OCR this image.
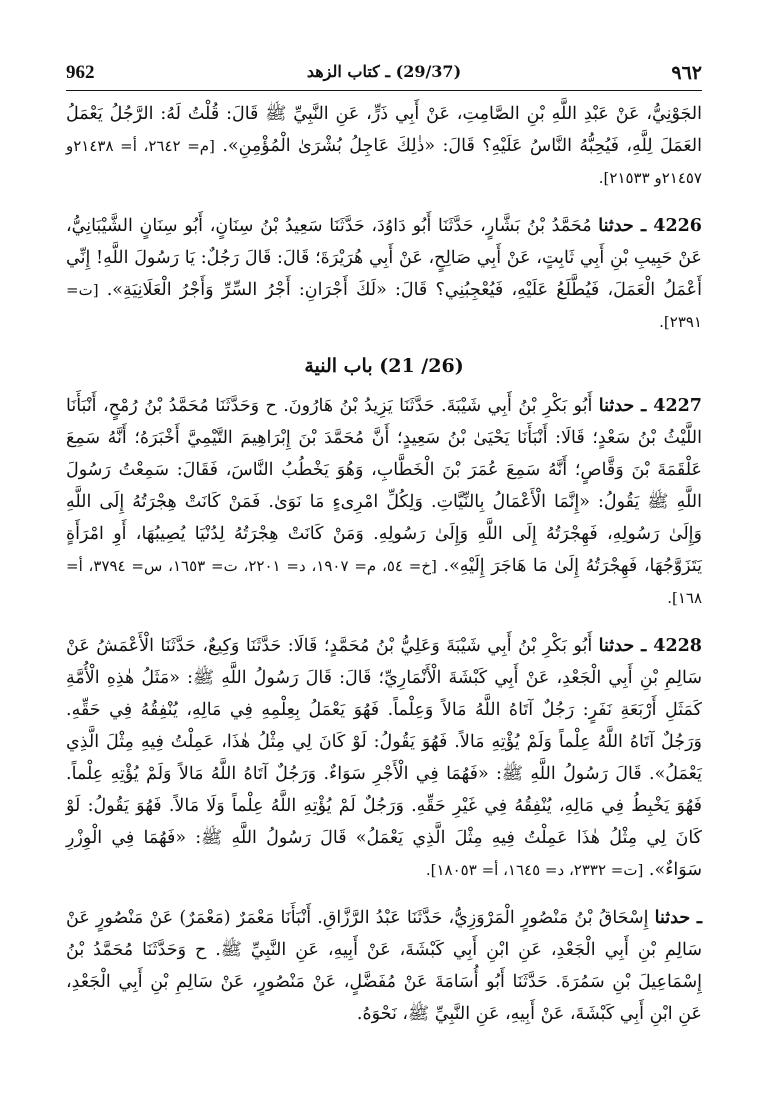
962	(29/37) ـ كتاب الزهد	٩٦٢

الجَوْنِيُّ، عَنْ عَبْدِ اللَّهِ بْنِ الصَّامِتِ، عَنْ أَبِي ذَرٍّ، عَنِ النَّبِيِّ ﷺ قَالَ: قُلْتُ لَهُ: الرَّجُلُ يَعْمَلُ العَمَلَ لِلَّهِ، فَيُحِبُّهُ النَّاسُ عَلَيْهِ؟ قَالَ: «ذٰلِكَ عَاجِلُ بُشْرَىٰ الْمُؤْمِنِ». [م= ٢٦٤٢، أ= ٢١٤٣٨و ٢١٤٥٧و ٢١٥٣٣].

4226 ـ حدثنا مُحَمَّدُ بْنُ بَشَّارٍ، حَدَّثَنَا أَبُو دَاوُدَ، حَدَّثَنَا سَعِيدُ بْنُ سِنَانٍ، أَبُو سِنَانٍ الشَّيْبَانِيُّ، عَنْ حَبِيبِ بْنِ أَبِي ثَابِتٍ، عَنْ أَبِي صَالِحٍ، عَنْ أَبِي هُرَيْرَةَ؛ قَالَ: قَالَ رَجُلٌ: يَا رَسُولَ اللَّهِ! إِنِّي أَعْمَلُ الْعَمَلَ، فَيُطَّلَعُ عَلَيْهِ، فَيُعْجِبُنِي؟ قَالَ: «لَكَ أَجْرَانِ: أَجْرُ السِّرِّ وَأَجْرُ الْعَلَانِيَةِ». [ت= ٢٣٩١].

(26/ 21) باب النية

4227 ـ حدثنا أَبُو بَكْرِ بْنُ أَبِي شَيْبَةَ. حَدَّثَنَا يَزِيدُ بْنُ هَارُونَ. ح وَحَدَّثَنَا مُحَمَّدُ بْنُ رُمْحٍ، أَنْبَأَنَا اللَّيْثُ بْنُ سَعْدٍ؛ قَالَا: أَنْبَأَنَا يَحْيَىٰ بْنُ سَعِيدٍ؛ أَنَّ مُحَمَّدَ بْنَ إِبْرَاهِيمَ التَّيْمِيَّ أَخْبَرَهُ؛ أَنَّهُ سَمِعَ عَلْقَمَةَ بْنَ وَقَّاصٍ؛ أَنَّهُ سَمِعَ عُمَرَ بْنَ الْخَطَّابِ، وَهُوَ يَخْطُبُ النَّاسَ، فَقَالَ: سَمِعْتُ رَسُولَ اللَّهِ ﷺ يَقُولُ: «إِنَّمَا الْأَعْمَالُ بِالنِّيَّاتِ. وَلِكُلِّ امْرِىءٍ مَا نَوَىٰ. فَمَنْ كَانَتْ هِجْرَتُهُ إِلَى اللَّهِ وَإِلَىٰ رَسُولِهِ، فَهِجْرَتُهُ إِلَى اللَّهِ وَإِلَىٰ رَسُولِهِ. وَمَنْ كَانَتْ هِجْرَتُهُ لِدُنْيَا يُصِيبُهَا، أَوِ امْرَأَةٍ يَتَزَوَّجُهَا، فَهِجْرَتُهُ إِلَىٰ مَا هَاجَرَ إِلَيْهِ». [خ= ٥٤، م= ١٩٠٧، د= ٢٢٠١، ت= ١٦٥٣، س= ٣٧٩٤، أ= ١٦٨].

4228 ـ حدثنا أَبُو بَكْرِ بْنُ أَبِي شَيْبَةَ وَعَلِيُّ بْنُ مُحَمَّدٍ؛ قَالَا: حَدَّثَنَا وَكِيعٌ، حَدَّثَنَا الْأَعْمَشُ عَنْ سَالِمِ بْنِ أَبِي الْجَعْدِ، عَنْ أَبِي كَبْشَةَ الْأَنْمَارِيِّ؛ قَالَ: قَالَ رَسُولُ اللَّهِ ﷺ: «مَثَلُ هٰذِهِ الْأُمَّةِ كَمَثَلِ أَرْبَعَةِ نَفَرٍ: رَجُلٌ آتَاهُ اللَّهُ مَالاً وَعِلْماً. فَهُوَ يَعْمَلُ بِعِلْمِهِ فِي مَالِهِ، يُنْفِقُهُ فِي حَقِّهِ. وَرَجُلٌ آتَاهُ اللَّهُ عِلْماً وَلَمْ يُؤْتِهِ مَالاً. فَهُوَ يَقُولُ: لَوْ كَانَ لِي مِثْلُ هٰذَا، عَمِلْتُ فِيهِ مِثْلَ الَّذِي يَعْمَلُ». قَالَ رَسُولُ اللَّهِ ﷺ: «فَهُمَا فِي الْأَجْرِ سَوَاءٌ. وَرَجُلٌ آتَاهُ اللَّهُ مَالاً وَلَمْ يُؤْتِهِ عِلْماً. فَهُوَ يَخْبِطُ فِي مَالِهِ، يُنْفِقُهُ فِي غَيْرِ حَقِّهِ. وَرَجُلٌ لَمْ يُؤْتِهِ اللَّهُ عِلْماً وَلَا مَالاً. فَهُوَ يَقُولُ: لَوْ كَانَ لِي مِثْلُ هٰذَا عَمِلْتُ فِيهِ مِثْلَ الَّذِي يَعْمَلُ» قَالَ رَسُولُ اللَّهِ ﷺ: «فَهُمَا فِي الْوِزْرِ سَوَاءٌ». [ت= ٢٣٣٢، د= ١٦٤٥، أ= ١٨٠٥٣].

ـ حدثنا إِسْحَاقُ بْنُ مَنْصُورٍ الْمَرْوَزِيُّ، حَدَّثَنَا عَبْدُ الرَّزَّاقِ. أَنْبَأَنَا مَعْمَرٌ (مَعْمَرٌ) عَنْ مَنْصُورٍ عَنْ سَالِمِ بْنِ أَبِي الْجَعْدِ، عَنِ ابْنِ أَبِي كَبْشَةَ، عَنْ أَبِيهِ، عَنِ النَّبِيِّ ﷺ. ح وَحَدَّثَنَا مُحَمَّدُ بْنُ إِسْمَاعِيلَ بْنِ سَمُرَةَ. حَدَّثَنَا أَبُو أُسَامَةَ عَنْ مُفَضَّلٍ، عَنْ مَنْصُورٍ، عَنْ سَالِمِ بْنِ أَبِي الْجَعْدِ، عَنِ ابْنِ أَبِي كَبْشَةَ، عَنْ أَبِيهِ، عَنِ النَّبِيِّ ﷺ، نَحْوَهُ.
